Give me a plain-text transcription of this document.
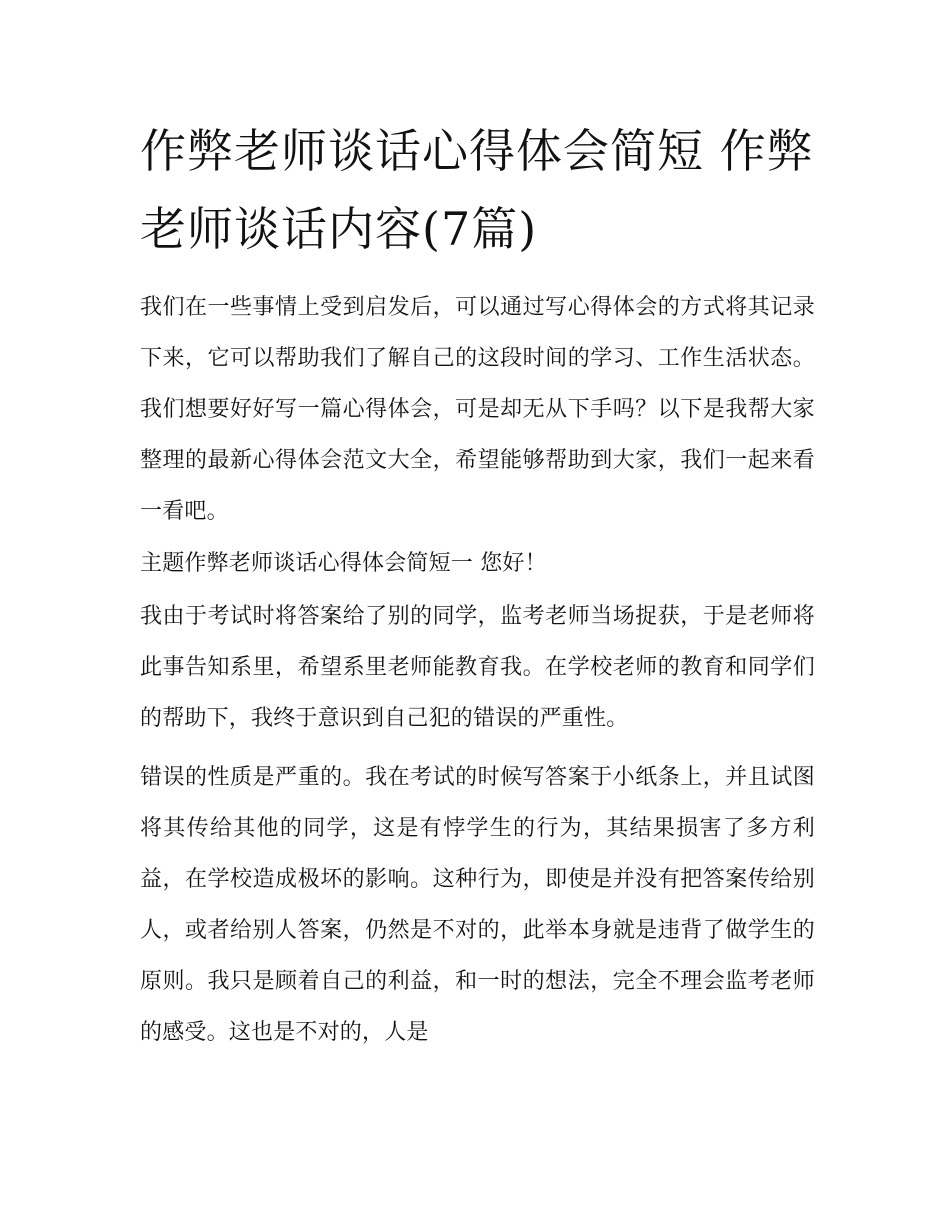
作弊老师谈话心得体会简短 作弊老师谈话内容(7篇)

我们在一些事情上受到启发后，可以通过写心得体会的方式将其记录下来，它可以帮助我们了解自己的这段时间的学习、工作生活状态。我们想要好好写一篇心得体会，可是却无从下手吗？以下是我帮大家整理的最新心得体会范文大全，希望能够帮助到大家，我们一起来看一看吧。

主题作弊老师谈话心得体会简短一 您好！

我由于考试时将答案给了别的同学，监考老师当场捉获，于是老师将此事告知系里，希望系里老师能教育我。在学校老师的教育和同学们的帮助下，我终于意识到自己犯的错误的严重性。

错误的性质是严重的。我在考试的时候写答案于小纸条上，并且试图将其传给其他的同学，这是有悖学生的行为，其结果损害了多方利益，在学校造成极坏的影响。这种行为，即使是并没有把答案传给别人，或者给别人答案，仍然是不对的，此举本身就是违背了做学生的原则。我只是顾着自己的利益，和一时的想法，完全不理会监考老师的感受。这也是不对的，人是
